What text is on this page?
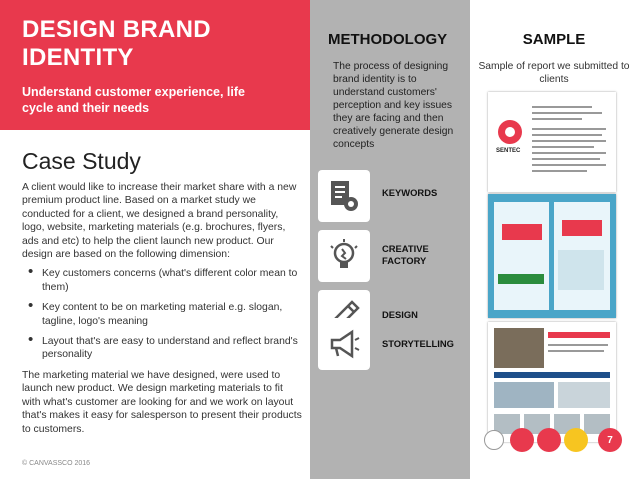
DESIGN BRAND
IDENTITY
Understand customer experience, life cycle and their needs
Case Study

A client would like to increase their market share with a new premium product line. Based on a market study we conducted for a client, we designed a brand personality, logo, website, marketing materials (e.g. brochures, flyers, ads and etc) to help the client launch new product. Our design are based on the following dimension:

• Key customers concerns (what's different color mean to them)
• Key content to be on marketing material e.g. slogan, tagline, logo's meaning
• Layout that's are easy to understand and reflect brand's personality

The marketing material we have designed, were used to launch new product. We design marketing materials to fit with what's customer are looking for and we work on layout that's makes it easy for salesperson to present their products to customers.

© CANVASSCO 2016
METHODOLOGY
The process of designing brand identity is to understand customers' perception and key issues they are facing and then creatively generate design concepts
KEYWORDS
CREATIVE FACTORY
DESIGN
STORYTELLING
SAMPLE
Sample of report we submitted to clients
SENTEC
7
